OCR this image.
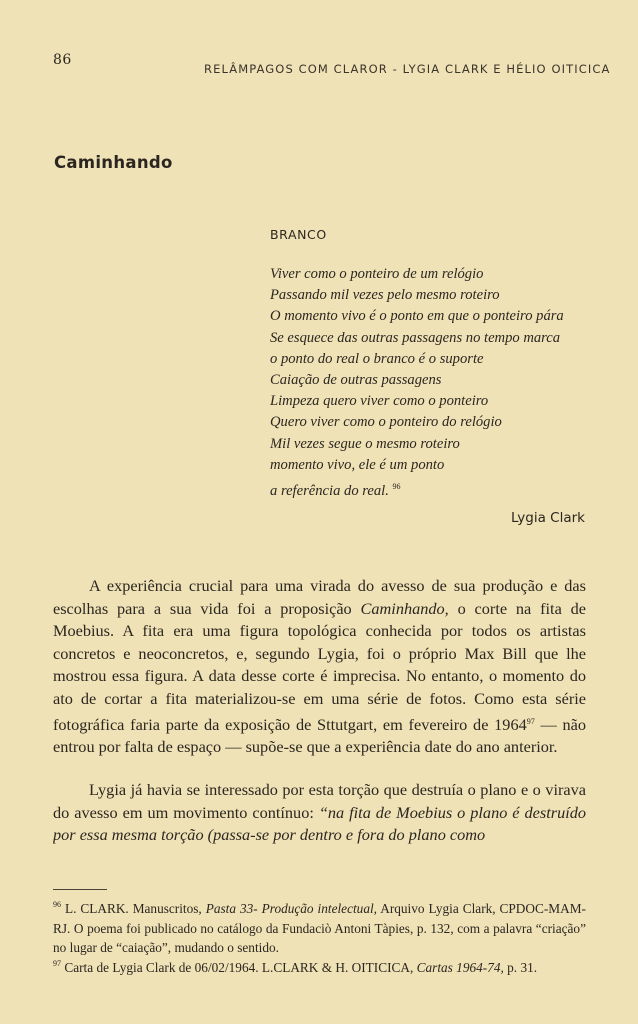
86
RELÂMPAGOS COM CLAROR - LYGIA CLARK E HÉLIO OITICICA
Caminhando
BRANCO
Viver como o ponteiro de um relógio
Passando mil vezes pelo mesmo roteiro
O momento vivo é o ponto em que o ponteiro pára
Se esquece das outras passagens no tempo marca
o ponto do real o branco é o suporte
Caiação de outras passagens
Limpeza quero viver como o ponteiro
Quero viver como o ponteiro do relógio
Mil vezes segue o mesmo roteiro
momento vivo, ele é um ponto
a referência do real. $^{96}$
Lygia Clark

A experiência crucial para uma virada do avesso de sua produção e das escolhas para a sua vida foi a proposição Caminhando, o corte na fita de Moebius. A fita era uma figura topológica conhecida por todos os artistas concretos e neoconcretos, e, segundo Lygia, foi o próprio Max Bill que lhe mostrou essa figura. A data desse corte é imprecisa. No entanto, o momento do ato de cortar a fita materializou-se em uma série de fotos. Como esta série fotográfica faria parte da exposição de Sttutgart, em fevereiro de 1964$^{97}$ — não entrou por falta de espaço — supõe-se que a experiência date do ano anterior.

Lygia já havia se interessado por esta torção que destruía o plano e o virava do avesso em um movimento contínuo: “na fita de Moebius o plano é destruído por essa mesma torção (passa-se por dentro e fora do plano como

$^{96}$ L. CLARK. Manuscritos, Pasta 33- Produção intelectual, Arquivo Lygia Clark, CPDOC-MAM-RJ. O poema foi publicado no catálogo da Fundaciò Antoni Tàpies, p. 132, com a palavra “criação” no lugar de “caiação”, mudando o sentido.

$^{97}$ Carta de Lygia Clark de 06/02/1964. L.CLARK & H. OITICICA, Cartas 1964-74, p. 31.
